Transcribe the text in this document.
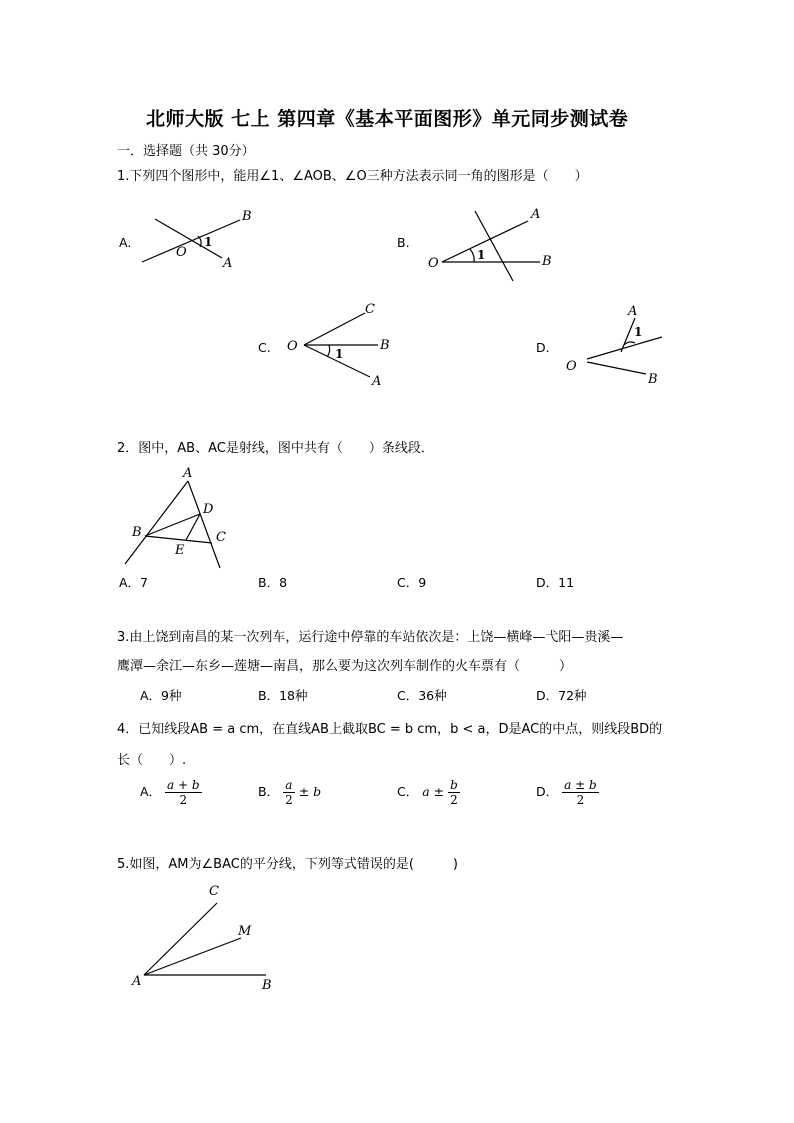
北师大版 七上 第四章《基本平面图形》单元同步测试卷
一．选择题（共 30分）
1.下列四个图形中，能用∠1、∠AOB、∠O三种方法表示同一角的图形是（　　）
A.
O
A
B
1	B.
O
A
B
1
C. O
A
B
C
1	D.
O
A
B
1
2．图中，AB、AC是射线，图中共有（　　）条线段．
A
B	C
D
E
A．7	B．8	C．9	D．11
3.由上饶到南昌的某一次列车，运行途中停靠的车站依次是：上饶—横峰—弋阳—贵溪—
鹰潭—余江—东乡—莲塘—南昌，那么要为这次列车制作的火车票有（　　　）
A．9种	B．18种	C．36种	D．72种
4．已知线段AB = a cm，在直线AB上截取BC = b cm，b < a，D是AC的中点，则线段BD的
长（　　）.
A． $\frac{a + b}{2}$	B． $\frac{a}{2} \pm b$	C． $a \pm \frac{b}{2}$	D． $\frac{a \pm b}{2}$
5.如图，AM为∠BAC的平分线，下列等式错误的是(　　　)
A	B
C
M
